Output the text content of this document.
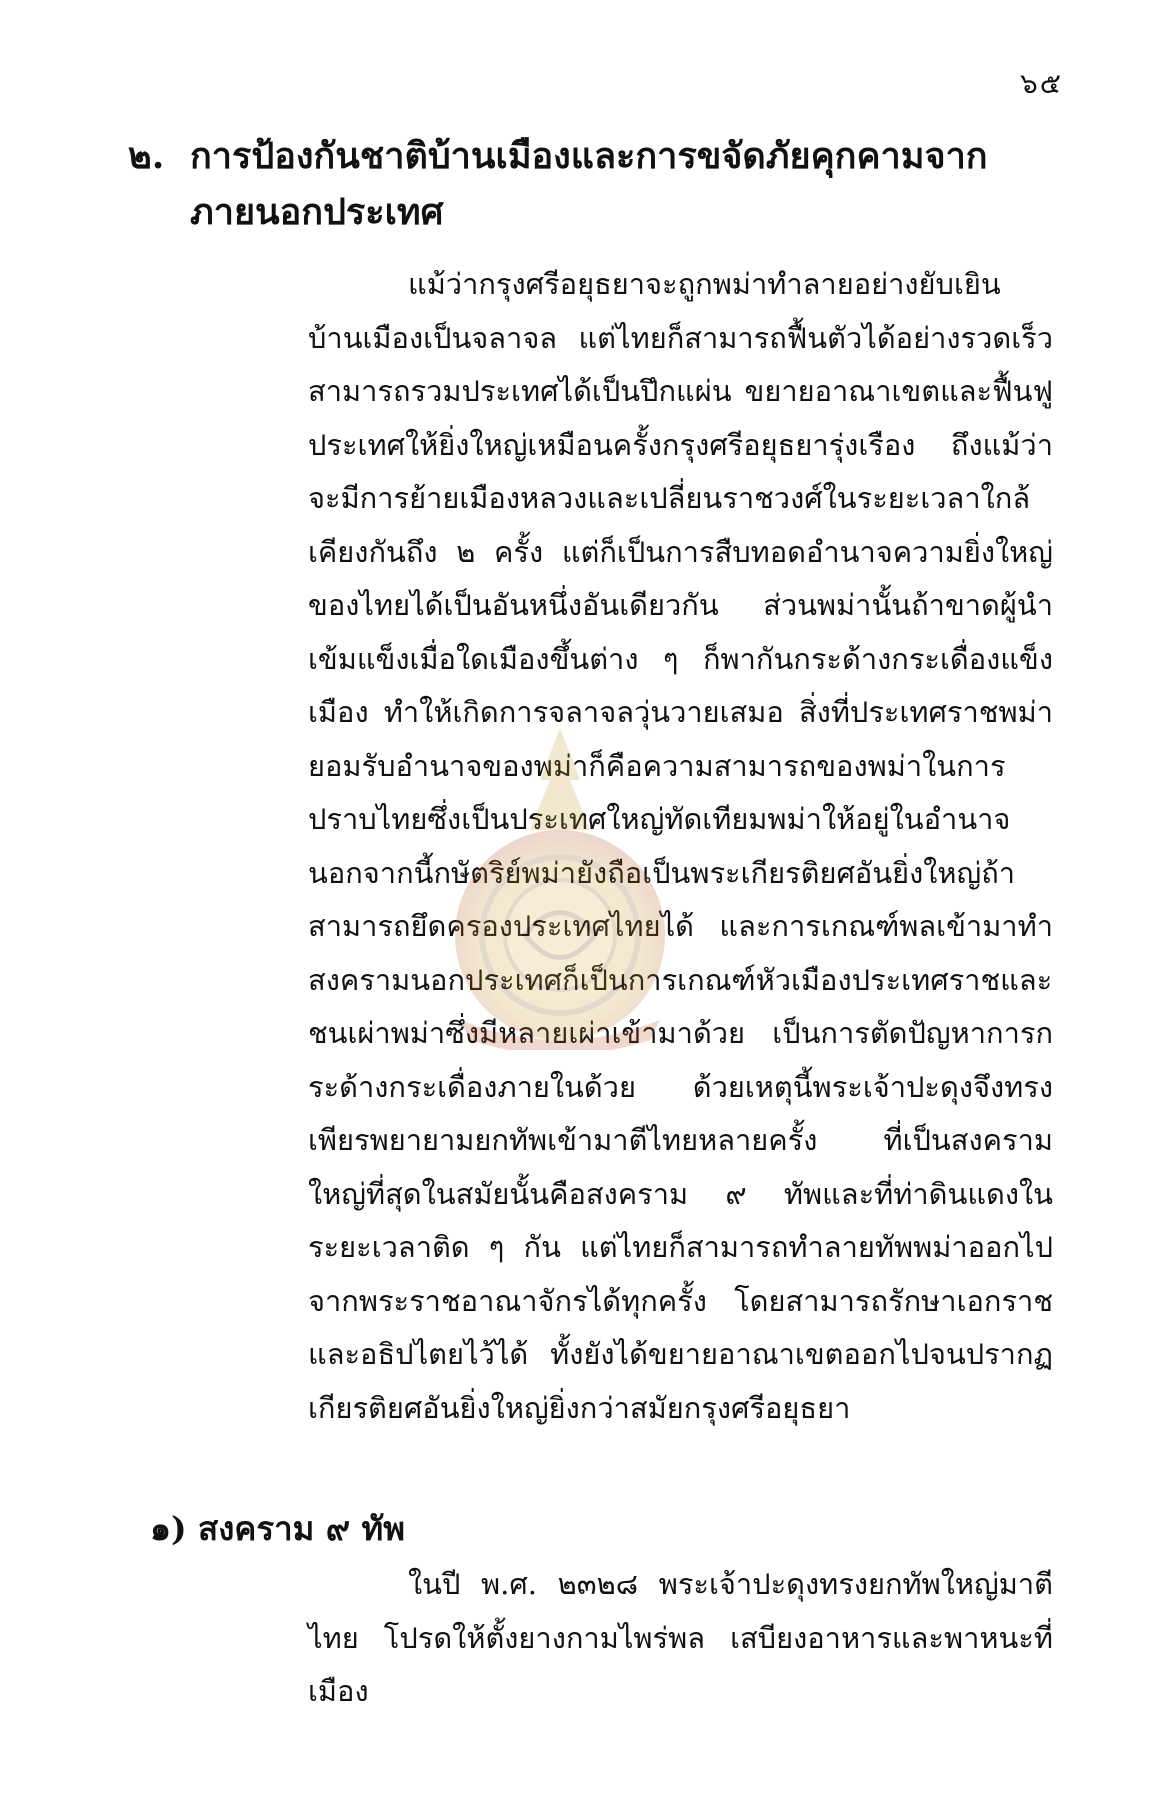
๖๕
๒. การป้องกันชาติบ้านเมืองและการขจัดภัยคุกคามจาก
ภายนอกประเทศ

แม้ว่ากรุงศรีอยุธยาจะถูกพม่าทำลายอย่างยับเยิน บ้านเมืองเป็นจลาจล แต่ไทยก็สามารถฟื้นตัวได้อย่างรวดเร็ว สามารถรวมประเทศได้เป็นปึกแผ่น ขยายอาณาเขตและฟื้นฟูประเทศให้ยิ่งใหญ่เหมือนครั้งกรุงศรีอยุธยารุ่งเรือง ถึงแม้ว่าจะมีการย้ายเมืองหลวงและเปลี่ยนราชวงศ์ในระยะเวลาใกล้เคียงกันถึง ๒ ครั้ง แต่ก็เป็นการสืบทอดอำนาจความยิ่งใหญ่ของไทยได้เป็นอันหนึ่งอันเดียวกัน ส่วนพม่านั้นถ้าขาดผู้นำเข้มแข็งเมื่อใดเมืองขึ้นต่าง ๆ ก็พากันกระด้างกระเดื่องแข็งเมือง ทำให้เกิดการจลาจลวุ่นวายเสมอ สิ่งที่ประเทศราชพม่ายอมรับอำนาจของพม่าก็คือความสามารถของพม่าในการปราบไทยซึ่งเป็นประเทศใหญ่ทัดเทียมพม่าให้อยู่ในอำนาจ นอกจากนี้กษัตริย์พม่ายังถือเป็นพระเกียรติยศอันยิ่งใหญ่ถ้าสามารถยึดครองประเทศไทยได้ และการเกณฑ์พลเข้ามาทำสงครามนอกประเทศก็เป็นการเกณฑ์หัวเมืองประเทศราชและชนเผ่าพม่าซึ่งมีหลายเผ่าเข้ามาด้วย เป็นการตัดปัญหาการกระด้างกระเดื่องภายในด้วย ด้วยเหตุนี้พระเจ้าปะดุงจึงทรงเพียรพยายามยกทัพเข้ามาตีไทยหลายครั้ง ที่เป็นสงครามใหญ่ที่สุดในสมัยนั้นคือสงคราม ๙ ทัพและที่ท่าดินแดงในระยะเวลาติด ๆ กัน แต่ไทยก็สามารถทำลายทัพพม่าออกไปจากพระราชอาณาจักรได้ทุกครั้ง โดยสามารถรักษาเอกราชและอธิปไตยไว้ได้ ทั้งยังได้ขยายอาณาเขตออกไปจนปรากฏเกียรติยศอันยิ่งใหญ่ยิ่งกว่าสมัยกรุงศรีอยุธยา

๑) สงคราม ๙ ทัพ

ในปี พ.ศ. ๒๓๒๘ พระเจ้าปะดุงทรงยกทัพใหญ่มาตีไทย โปรดให้ตั้งยางกามไพร่พล เสบียงอาหารและพาหนะที่เมือง
